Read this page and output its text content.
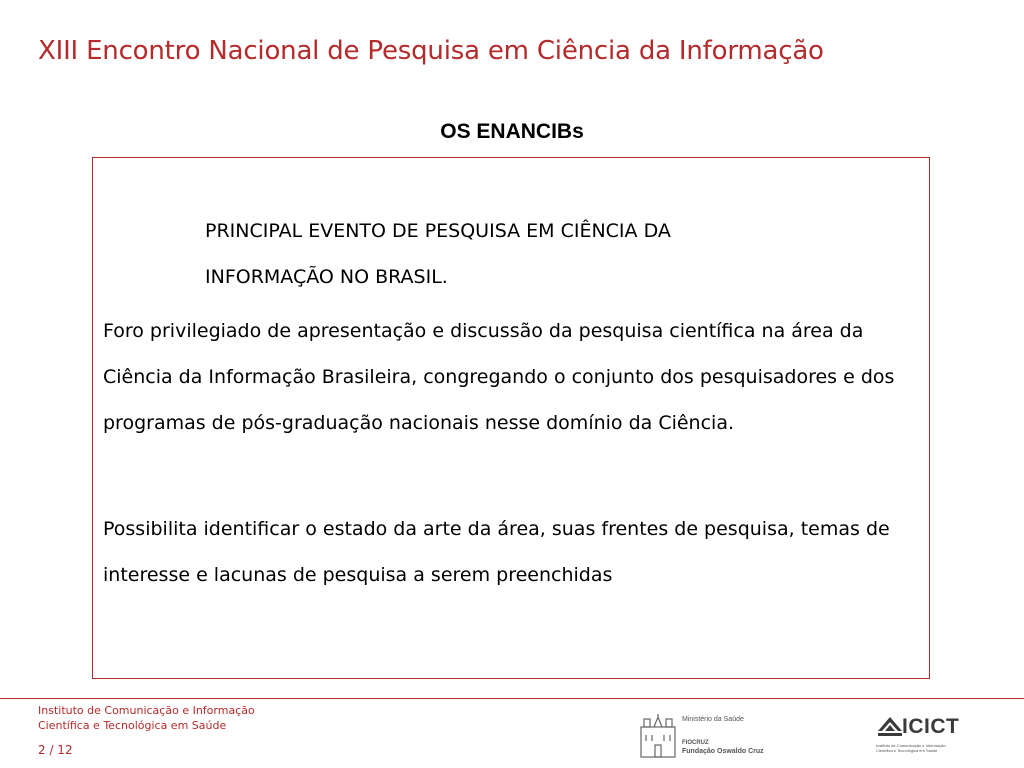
XIII Encontro Nacional de Pesquisa em Ciência da Informação
OS ENANCIBs

PRINCIPAL EVENTO DE PESQUISA EM CIÊNCIA DA
INFORMAÇÃO NO BRASIL.

Foro privilegiado de apresentação e discussão da pesquisa científica na área da Ciência da Informação Brasileira, congregando o conjunto dos pesquisadores e dos programas de pós-graduação nacionais nesse domínio da Ciência.

Possibilita identificar o estado da arte da área, suas frentes de pesquisa, temas de interesse e lacunas de pesquisa a serem preenchidas

Instituto de Comunicação e Informação
Científica e Tecnológica em Saúde
2 / 12
Ministério da Saúde
FIOCRUZ
Fundação Oswaldo Cruz
ICICT
Instituto de Comunicação e Informação
Científica e Tecnológica em Saúde
